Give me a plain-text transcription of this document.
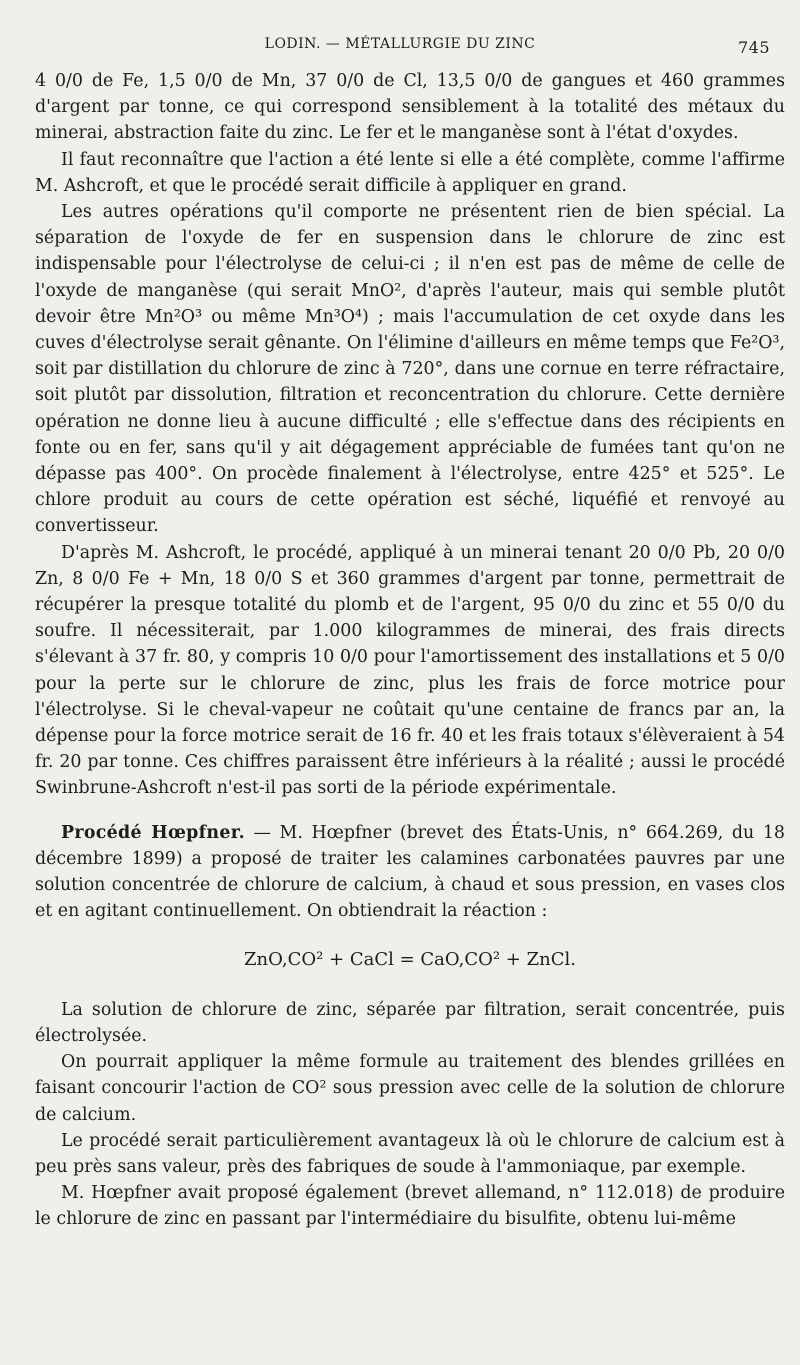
LODIN. — MÉTALLURGIE DU ZINC	745

4 0/0 de Fe, 1,5 0/0 de Mn, 37 0/0 de Cl, 13,5 0/0 de gangues et 460 grammes d'argent par tonne, ce qui correspond sensiblement à la totalité des métaux du minerai, abstraction faite du zinc. Le fer et le manganèse sont à l'état d'oxydes.

Il faut reconnaître que l'action a été lente si elle a été complète, comme l'affirme M. Ashcroft, et que le procédé serait difficile à appliquer en grand.

Les autres opérations qu'il comporte ne présentent rien de bien spécial. La séparation de l'oxyde de fer en suspension dans le chlorure de zinc est indispensable pour l'électrolyse de celui-ci ; il n'en est pas de même de celle de l'oxyde de manganèse (qui serait MnO², d'après l'auteur, mais qui semble plutôt devoir être Mn²O³ ou même Mn³O⁴) ; mais l'accumulation de cet oxyde dans les cuves d'électrolyse serait gênante. On l'élimine d'ailleurs en même temps que Fe²O³, soit par distillation du chlorure de zinc à 720°, dans une cornue en terre réfractaire, soit plutôt par dissolution, filtration et reconcentration du chlorure. Cette dernière opération ne donne lieu à aucune difficulté ; elle s'effectue dans des récipients en fonte ou en fer, sans qu'il y ait dégagement appréciable de fumées tant qu'on ne dépasse pas 400°. On procède finalement à l'électrolyse, entre 425° et 525°. Le chlore produit au cours de cette opération est séché, liquéfié et renvoyé au convertisseur.

D'après M. Ashcroft, le procédé, appliqué à un minerai tenant 20 0/0 Pb, 20 0/0 Zn, 8 0/0 Fe + Mn, 18 0/0 S et 360 grammes d'argent par tonne, permettrait de récupérer la presque totalité du plomb et de l'argent, 95 0/0 du zinc et 55 0/0 du soufre. Il nécessiterait, par 1.000 kilogrammes de minerai, des frais directs s'élevant à 37 fr. 80, y compris 10 0/0 pour l'amortissement des installations et 5 0/0 pour la perte sur le chlorure de zinc, plus les frais de force motrice pour l'électrolyse. Si le cheval-vapeur ne coûtait qu'une centaine de francs par an, la dépense pour la force motrice serait de 16 fr. 40 et les frais totaux s'élèveraient à 54 fr. 20 par tonne. Ces chiffres paraissent être inférieurs à la réalité ; aussi le procédé Swinbrune-Ashcroft n'est-il pas sorti de la période expérimentale.

Procédé Hœpfner. — M. Hœpfner (brevet des États-Unis, n° 664.269, du 18 décembre 1899) a proposé de traiter les calamines carbonatées pauvres par une solution concentrée de chlorure de calcium, à chaud et sous pression, en vases clos et en agitant continuellement. On obtiendrait la réaction :

ZnO,CO² + CaCl = CaO,CO² + ZnCl.

La solution de chlorure de zinc, séparée par filtration, serait concentrée, puis électrolysée.

On pourrait appliquer la même formule au traitement des blendes grillées en faisant concourir l'action de CO² sous pression avec celle de la solution de chlorure de calcium.

Le procédé serait particulièrement avantageux là où le chlorure de calcium est à peu près sans valeur, près des fabriques de soude à l'ammoniaque, par exemple.

M. Hœpfner avait proposé également (brevet allemand, n° 112.018) de produire le chlorure de zinc en passant par l'intermédiaire du bisulfite, obtenu lui-même
